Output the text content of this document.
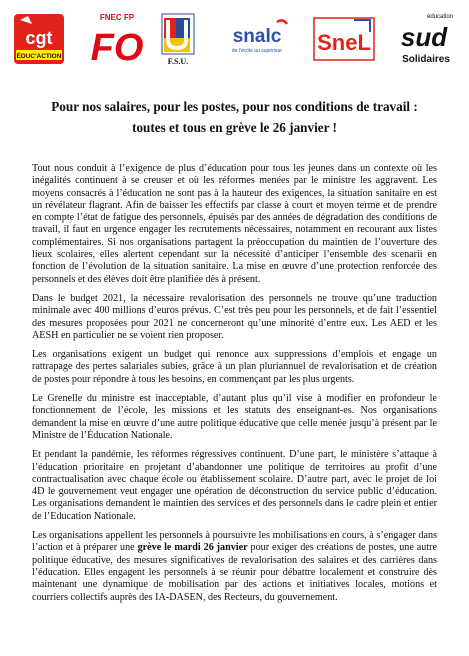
cgt
ÉDUC'ACTION
FNEC FP
FO	F.S.U.
snalc
de l'école au supérieur SneL
éducation
sud
Solidaires
Pour nos salaires, pour les postes, pour nos conditions de travail :
toutes et tous en grève le 26 janvier !

Tout nous conduit à l’exigence de plus d’éducation pour tous les jeunes dans un contexte où les inégalités continuent à se creuser et où les réformes menées par le ministre les aggravent. Les moyens consacrés à l’éducation ne sont pas à la hauteur des exigences, la situation sanitaire en est un révélateur flagrant. Afin de baisser les effectifs par classe à court et moyen terme et de prendre en compte l’état de fatigue des personnels, épuisés par des années de dégradation des conditions de travail, il faut en urgence engager les recrutements nécessaires, notamment en recourant aux listes complémentaires. Si nos organisations partagent la préoccupation du maintien de l’ouverture des lieux scolaires, elles alertent cependant sur la nécessité d’anticiper l’ensemble des scenarii en fonction de l’évolution de la situation sanitaire. La mise en œuvre d’une protection renforcée des personnels et des élèves doit être planifiée dès à présent.

Dans le budget 2021, la nécessaire revalorisation des personnels ne trouve qu’une traduction minimale avec 400 millions d’euros prévus. C’est très peu pour les personnels, et de fait l’essentiel des mesures proposées pour 2021 ne concerneront qu’une minorité d’entre eux. Les AED et les AESH en particulier ne se voient rien proposer.

Les organisations exigent un budget qui renonce aux suppressions d’emplois et engage un rattrapage des pertes salariales subies, grâce à un plan pluriannuel de revalorisation et de création de postes pour répondre à tous les besoins, en commençant par les plus urgents.

Le Grenelle du ministre est inacceptable, d’autant plus qu’il vise à modifier en profondeur le fonctionnement de l’école, les missions et les statuts des enseignant-es. Nos organisations demandent la mise en œuvre d’une autre politique éducative que celle menée jusqu’à présent par le Ministre de l’Éducation Nationale.

Et pendant la pandémie, les réformes régressives continuent. D’une part, le ministère s’attaque à l’éducation prioritaire en projetant d’abandonner une politique de territoires au profit d’une contractualisation avec chaque école ou établissement scolaire. D’autre part, avec le projet de loi 4D le gouvernement veut engager une opération de déconstruction du service public d’éducation. Les organisations demandent le maintien des services et des personnels dans le cadre plein et entier de l’Education Nationale.

Les organisations appellent les personnels à poursuivre les mobilisations en cours, à s’engager dans l’action et à préparer une grève le mardi 26 janvier pour exiger des créations de postes, une autre politique éducative, des mesures significatives de revalorisation des salaires et des carrières dans l’éducation. Elles engagent les personnels à se réunir pour débattre localement et construire dès maintenant une dynamique de mobilisation par des actions et initiatives locales, motions et courriers collectifs auprès des IA-DASEN, des Recteurs, du gouvernement.
